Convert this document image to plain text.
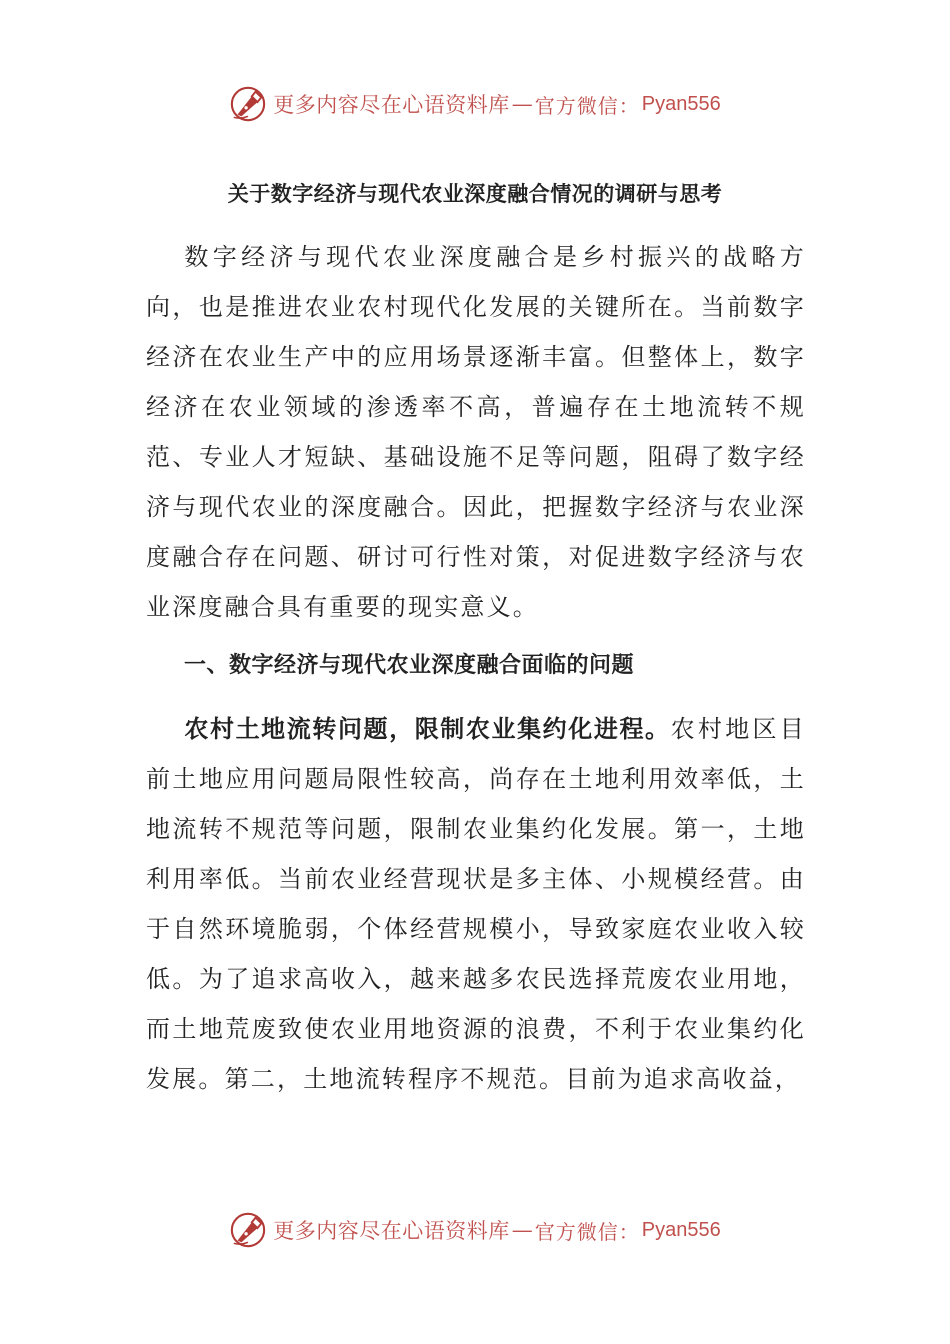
更多内容尽在心语资料库 — 官方微信： Pyan556
关于数字经济与现代农业深度融合情况的调研与思考

数字经济与现代农业深度融合是乡村振兴的战略方向，也是推进农业农村现代化发展的关键所在。当前数字经济在农业生产中的应用场景逐渐丰富。但整体上，数字经济在农业领域的渗透率不高，普遍存在土地流转不规范、专业人才短缺、基础设施不足等问题，阻碍了数字经济与现代农业的深度融合。因此，把握数字经济与农业深度融合存在问题、研讨可行性对策，对促进数字经济与农业深度融合具有重要的现实意义。

一、数字经济与现代农业深度融合面临的问题

农村土地流转问题，限制农业集约化进程。农村地区目前土地应用问题局限性较高，尚存在土地利用效率低，土地流转不规范等问题，限制农业集约化发展。第一，土地利用率低。当前农业经营现状是多主体、小规模经营。由于自然环境脆弱，个体经营规模小，导致家庭农业收入较低。为了追求高收入，越来越多农民选择荒废农业用地，而土地荒废致使农业用地资源的浪费，不利于农业集约化发展。第二，土地流转程序不规范。目前为追求高收益，

更多内容尽在心语资料库 — 官方微信： Pyan556
